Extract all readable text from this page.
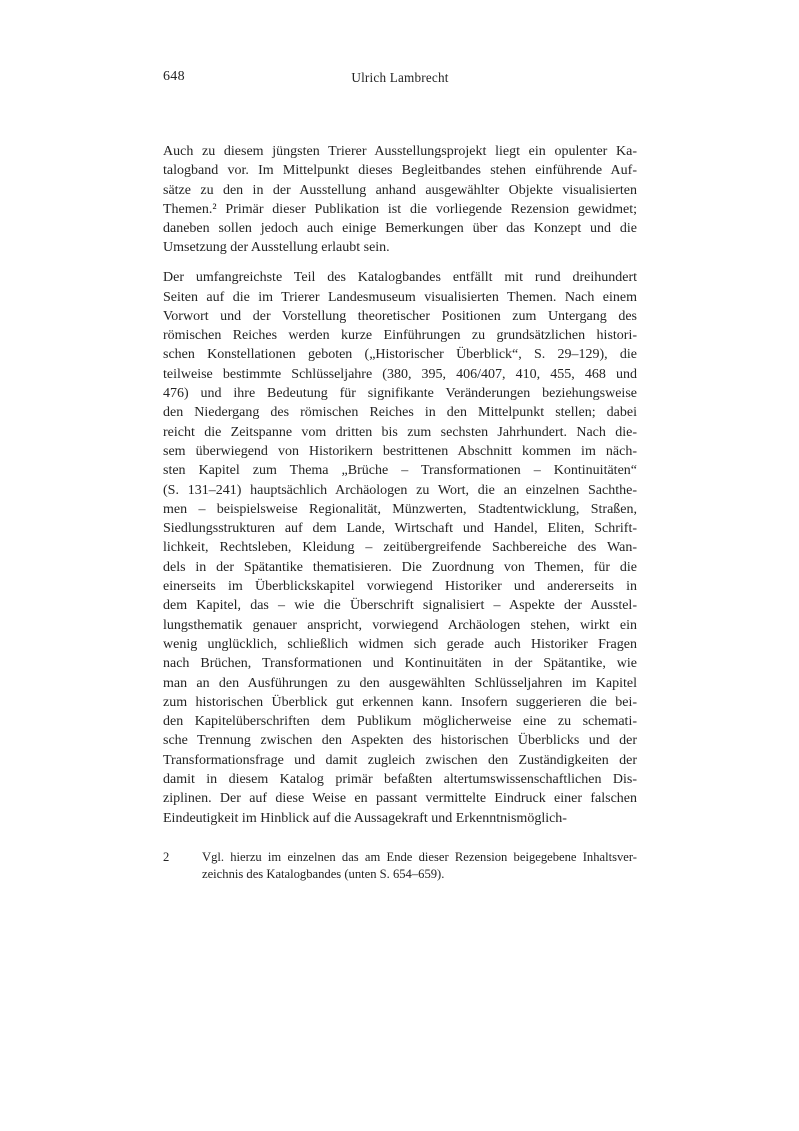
648	Ulrich Lambrecht
Auch zu diesem jüngsten Trierer Ausstellungsprojekt liegt ein opulenter Ka-
talogband vor. Im Mittelpunkt dieses Begleitbandes stehen einführende Auf-
sätze zu den in der Ausstellung anhand ausgewählter Objekte visualisierten
Themen.² Primär dieser Publikation ist die vorliegende Rezension gewidmet;
daneben sollen jedoch auch einige Bemerkungen über das Konzept und die
Umsetzung der Ausstellung erlaubt sein.
Der umfangreichste Teil des Katalogbandes entfällt mit rund dreihundert
Seiten auf die im Trierer Landesmuseum visualisierten Themen. Nach einem
Vorwort und der Vorstellung theoretischer Positionen zum Untergang des
römischen Reiches werden kurze Einführungen zu grundsätzlichen histori-
schen Konstellationen geboten („Historischer Überblick“, S. 29–129), die
teilweise bestimmte Schlüsseljahre (380, 395, 406/407, 410, 455, 468 und
476) und ihre Bedeutung für signifikante Veränderungen beziehungsweise
den Niedergang des römischen Reiches in den Mittelpunkt stellen; dabei
reicht die Zeitspanne vom dritten bis zum sechsten Jahrhundert. Nach die-
sem überwiegend von Historikern bestrittenen Abschnitt kommen im näch-
sten Kapitel zum Thema „Brüche – Transformationen – Kontinuitäten“
(S. 131–241) hauptsächlich Archäologen zu Wort, die an einzelnen Sachthe-
men – beispielsweise Regionalität, Münzwerten, Stadtentwicklung, Straßen,
Siedlungsstrukturen auf dem Lande, Wirtschaft und Handel, Eliten, Schrift-
lichkeit, Rechtsleben, Kleidung – zeitübergreifende Sachbereiche des Wan-
dels in der Spätantike thematisieren. Die Zuordnung von Themen, für die
einerseits im Überblickskapitel vorwiegend Historiker und andererseits in
dem Kapitel, das – wie die Überschrift signalisiert – Aspekte der Ausstel-
lungsthematik genauer anspricht, vorwiegend Archäologen stehen, wirkt ein
wenig unglücklich, schließlich widmen sich gerade auch Historiker Fragen
nach Brüchen, Transformationen und Kontinuitäten in der Spätantike, wie
man an den Ausführungen zu den ausgewählten Schlüsseljahren im Kapitel
zum historischen Überblick gut erkennen kann. Insofern suggerieren die bei-
den Kapitelüberschriften dem Publikum möglicherweise eine zu schemati-
sche Trennung zwischen den Aspekten des historischen Überblicks und der
Transformationsfrage und damit zugleich zwischen den Zuständigkeiten der
damit in diesem Katalog primär befaßten altertumswissenschaftlichen Dis-
ziplinen. Der auf diese Weise en passant vermittelte Eindruck einer falschen
Eindeutigkeit im Hinblick auf die Aussagekraft und Erkenntnismöglich-
2	Vgl. hierzu im einzelnen das am Ende dieser Rezension beigegebene Inhaltsver-
zeichnis des Katalogbandes (unten S. 654–659).
